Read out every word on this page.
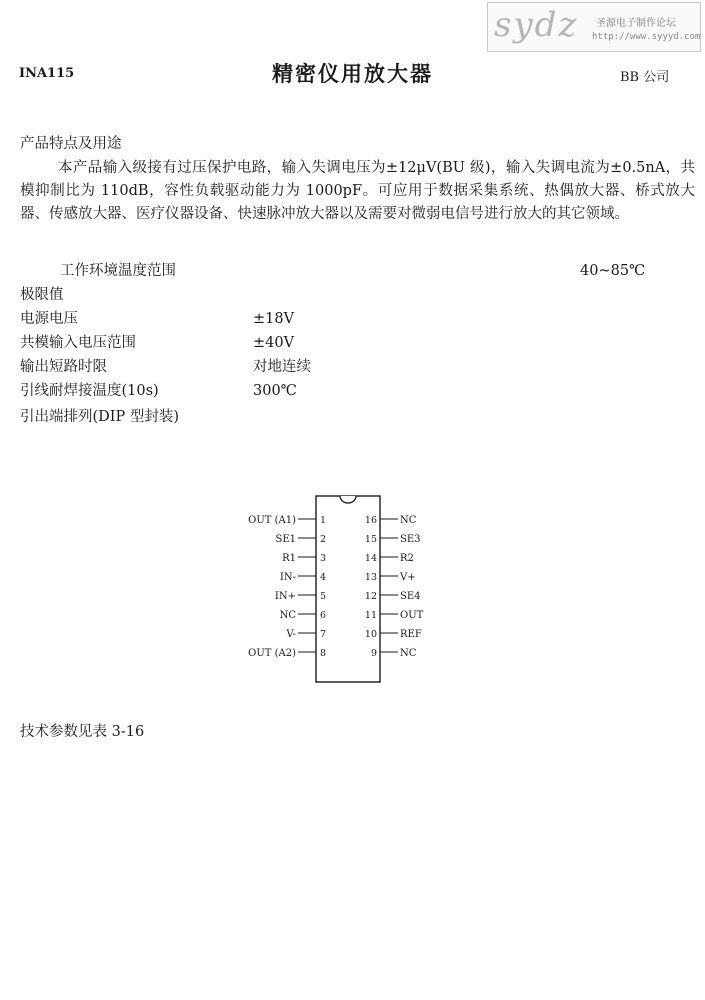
sydz 圣源电子制作论坛
http://www.syyyd.com
INA115	精密仪用放大器	BB 公司
产品特点及用途
本产品输入级接有过压保护电路，输入失调电压为±12μV(BU 级)，输入失调电流为±0.5nA，共模抑制比为 110dB，容性负载驱动能力为 1000pF。可应用于数据采集系统、热偶放大器、桥式放大器、传感放大器、医疗仪器设备、快速脉冲放大器以及需要对微弱电信号进行放大的其它领域。
工作环境温度范围	40~85℃
极限值
电源电压	±18V
共模输入电压范围	±40V
输出短路时限	对地连续
引线耐焊接温度(10s)	300℃
引出端排列(DIP 型封装)
OUT (A1)	1
SE1	2
R1	3
IN-	4
IN+	5
NC	6
V-	7
OUT (A2)	8
16 NC
15 SE3
14 R2
13 V+
12 SE4
11 OUT
10 REF
9 NC
技术参数见表 3-16
